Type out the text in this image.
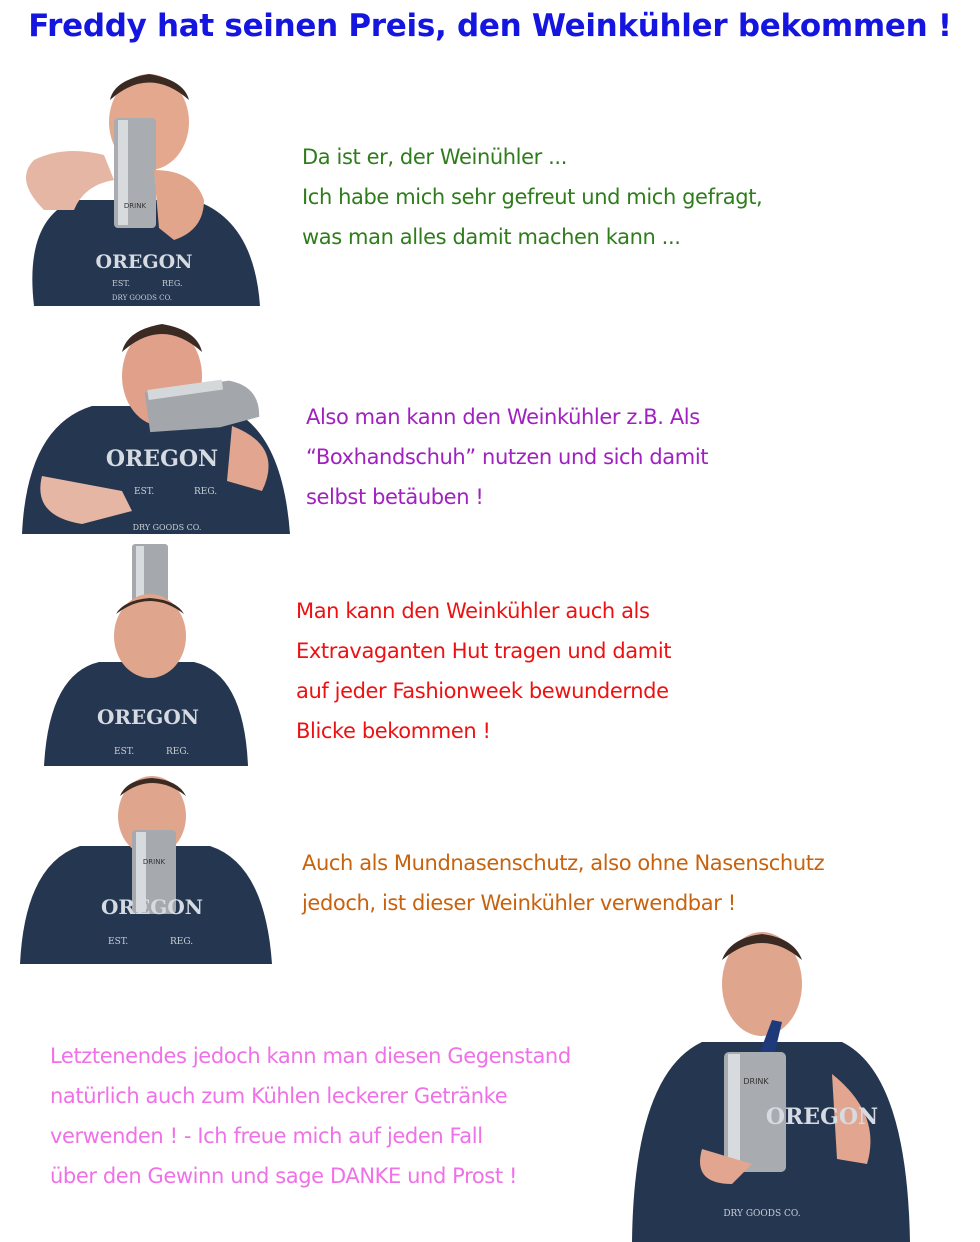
Freddy hat seinen Preis, den Weinkühler bekommen !
DRINK
OREGON
EST.	REG.
DRY GOODS CO.
Da ist er, der Weinühler ...
Ich habe mich sehr gefreut und mich gefragt,
was man alles damit machen kann ...
OREGON
EST.	REG.
DRY GOODS CO.
Also man kann den Weinkühler z.B. Als
“Boxhandschuh” nutzen und sich damit
selbst betäuben !
OREGON
EST.	REG.
Man kann den Weinkühler auch als
Extravaganten Hut tragen und damit
auf jeder Fashionweek bewundernde
Blicke bekommen !
DRINK
OREGON
EST.	REG.
Auch als Mundnasenschutz, also ohne Nasenschutz
jedoch, ist dieser Weinkühler verwendbar !
Letztenendes jedoch kann man diesen Gegenstand
natürlich auch zum Kühlen leckerer Getränke
verwenden ! - Ich freue mich auf jeden Fall
über den Gewinn und sage DANKE und Prost !
DRINK
OREGON
DRY GOODS CO.
